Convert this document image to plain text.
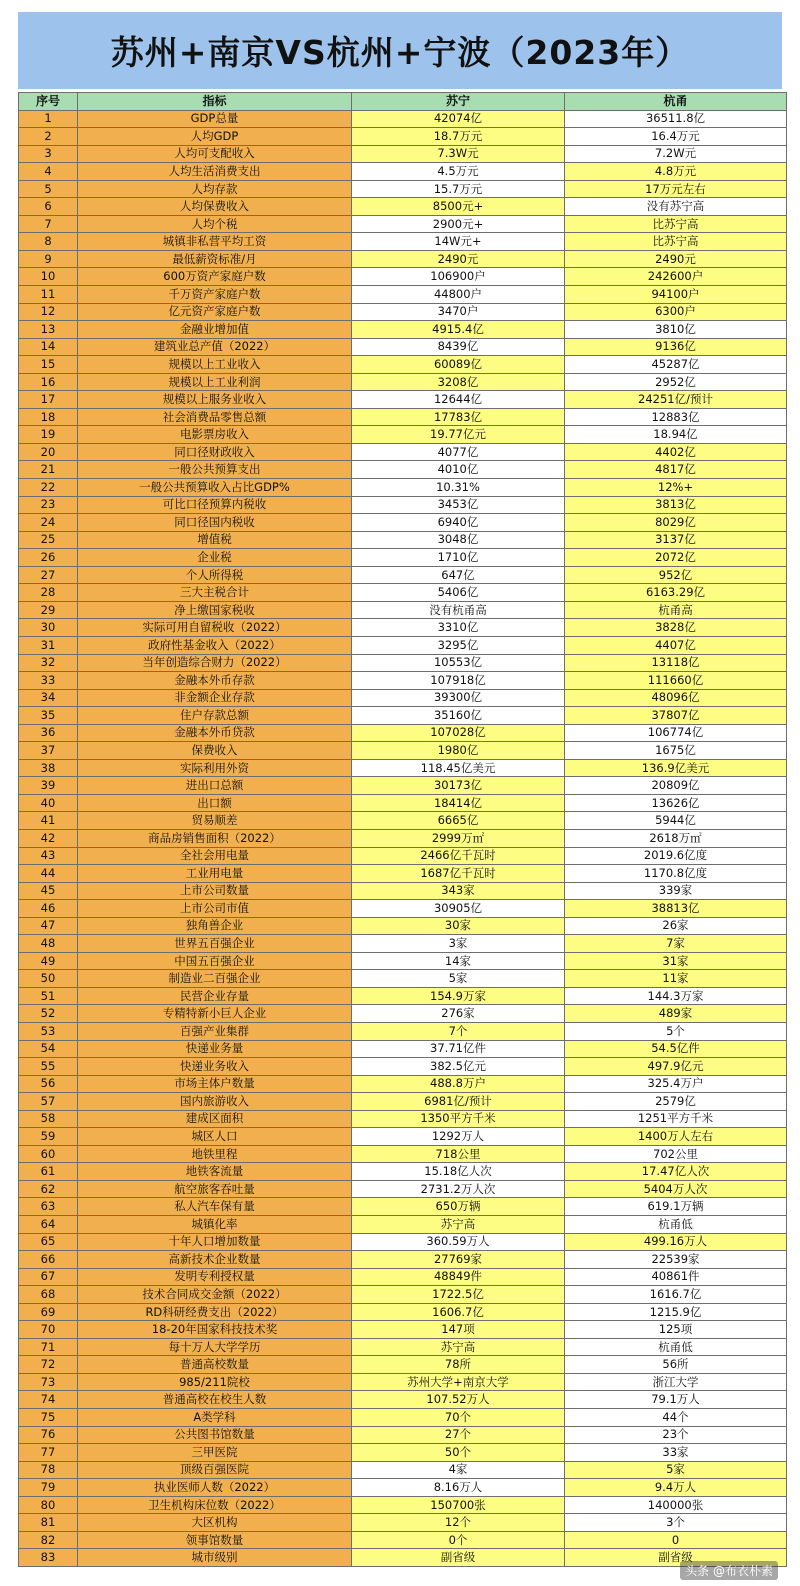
苏州+南京VS杭州+宁波（2023年）
序号	指标	苏宁	杭甬
1	GDP总量	42074亿	36511.8亿
2	人均GDP	18.7万元	16.4万元
3	人均可支配收入	7.3W元	7.2W元
4	人均生活消费支出	4.5万元	4.8万元
5	人均存款	15.7万元	17万元左右
6	人均保费收入	8500元+	没有苏宁高
7	人均个税	2900元+	比苏宁高
8	城镇非私营平均工资	14W元+	比苏宁高
9	最低薪资标准/月	2490元	2490元
10	600万资产家庭户数	106900户	242600户
11	千万资产家庭户数	44800户	94100户
12	亿元资产家庭户数	3470户	6300户
13	金融业增加值	4915.4亿	3810亿
14	建筑业总产值（2022）	8439亿	9136亿
15	规模以上工业收入	60089亿	45287亿
16	规模以上工业利润	3208亿	2952亿
17	规模以上服务业收入	12644亿	24251亿/预计
18	社会消费品零售总额	17783亿	12883亿
19	电影票房收入	19.77亿元	18.94亿
20	同口径财政收入	4077亿	4402亿
21	一般公共预算支出	4010亿	4817亿
22	一般公共预算收入占比GDP%	10.31%	12%+
23	可比口径预算内税收	3453亿	3813亿
24	同口径国内税收	6940亿	8029亿
25	增值税	3048亿	3137亿
26	企业税	1710亿	2072亿
27	个人所得税	647亿	952亿
28	三大主税合计	5406亿	6163.29亿
29	净上缴国家税收	没有杭甬高	杭甬高
30	实际可用自留税收（2022）	3310亿	3828亿
31	政府性基金收入（2022）	3295亿	4407亿
32	当年创造综合财力（2022）	10553亿	13118亿
33	金融本外币存款	107918亿	111660亿
34	非金额企业存款	39300亿	48096亿
35	住户存款总额	35160亿	37807亿
36	金融本外币贷款	107028亿	106774亿
37	保费收入	1980亿	1675亿
38	实际利用外资	118.45亿美元	136.9亿美元
39	进出口总额	30173亿	20809亿
40	出口额	18414亿	13626亿
41	贸易顺差	6665亿	5944亿
42	商品房销售面积（2022）	2999万㎡	2618万㎡
43	全社会用电量	2466亿千瓦时	2019.6亿度
44	工业用电量	1687亿千瓦时	1170.8亿度
45	上市公司数量	343家	339家
46	上市公司市值	30905亿	38813亿
47	独角兽企业	30家	26家
48	世界五百强企业	3家	7家
49	中国五百强企业	14家	31家
50	制造业二百强企业	5家	11家
51	民营企业存量	154.9万家	144.3万家
52	专精特新小巨人企业	276家	489家
53	百强产业集群	7个	5个
54	快递业务量	37.71亿件	54.5亿件
55	快递业务收入	382.5亿元	497.9亿元
56	市场主体户数量	488.8万户	325.4万户
57	国内旅游收入	6981亿/预计	2579亿
58	建成区面积	1350平方千米	1251平方千米
59	城区人口	1292万人	1400万人左右
60	地铁里程	718公里	702公里
61	地铁客流量	15.18亿人次	17.47亿人次
62	航空旅客吞吐量	2731.2万人次	5404万人次
63	私人汽车保有量	650万辆	619.1万辆
64	城镇化率	苏宁高	杭甬低
65	十年人口增加数量	360.59万人	499.16万人
66	高新技术企业数量	27769家	22539家
67	发明专利授权量	48849件	40861件
68	技术合同成交金额（2022）	1722.5亿	1616.7亿
69	RD科研经费支出（2022）	1606.7亿	1215.9亿
70	18-20年国家科技技术奖	147项	125项
71	每十万人大学学历	苏宁高	杭甬低
72	普通高校数量	78所	56所
73	985/211院校	苏州大学+南京大学	浙江大学
74	普通高校在校生人数	107.52万人	79.1万人
75	A类学科	70个	44个
76	公共图书馆数量	27个	23个
77	三甲医院	50个	33家
78	顶级百强医院	4家	5家
79	执业医师人数（2022）	8.16万人	9.4万人
80	卫生机构床位数（2022）	150700张	140000张
81	大区机构	12个	3个
82	领事馆数量	0个	0
83	城市级别	副省级	副省级
头条 @布衣朴素
